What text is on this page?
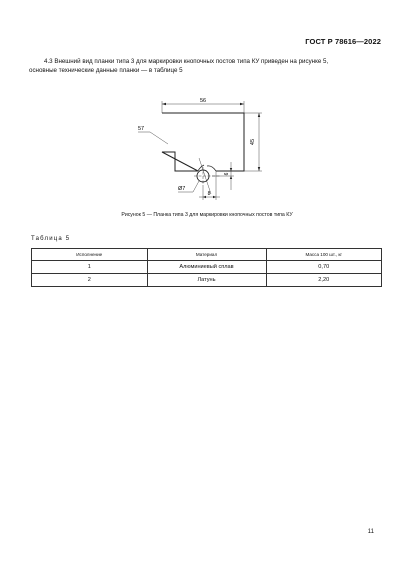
ГОСТ Р 78616—2022
4.3 Внешний вид планки типа 3 для маркировки кнопочных постов типа КУ приведен на рисунке 5,
основные технические данные планки — в таблице 5
56
45
6
8
Ø7
57
Рисунок 5 — Планка типа 3 для маркировки кнопочных постов типа КУ
Таблица 5
Исполнение	Материал	Масса 100 шт., кг
1	Алюминиевый сплав	0,70
2	Латунь	2,20
11
